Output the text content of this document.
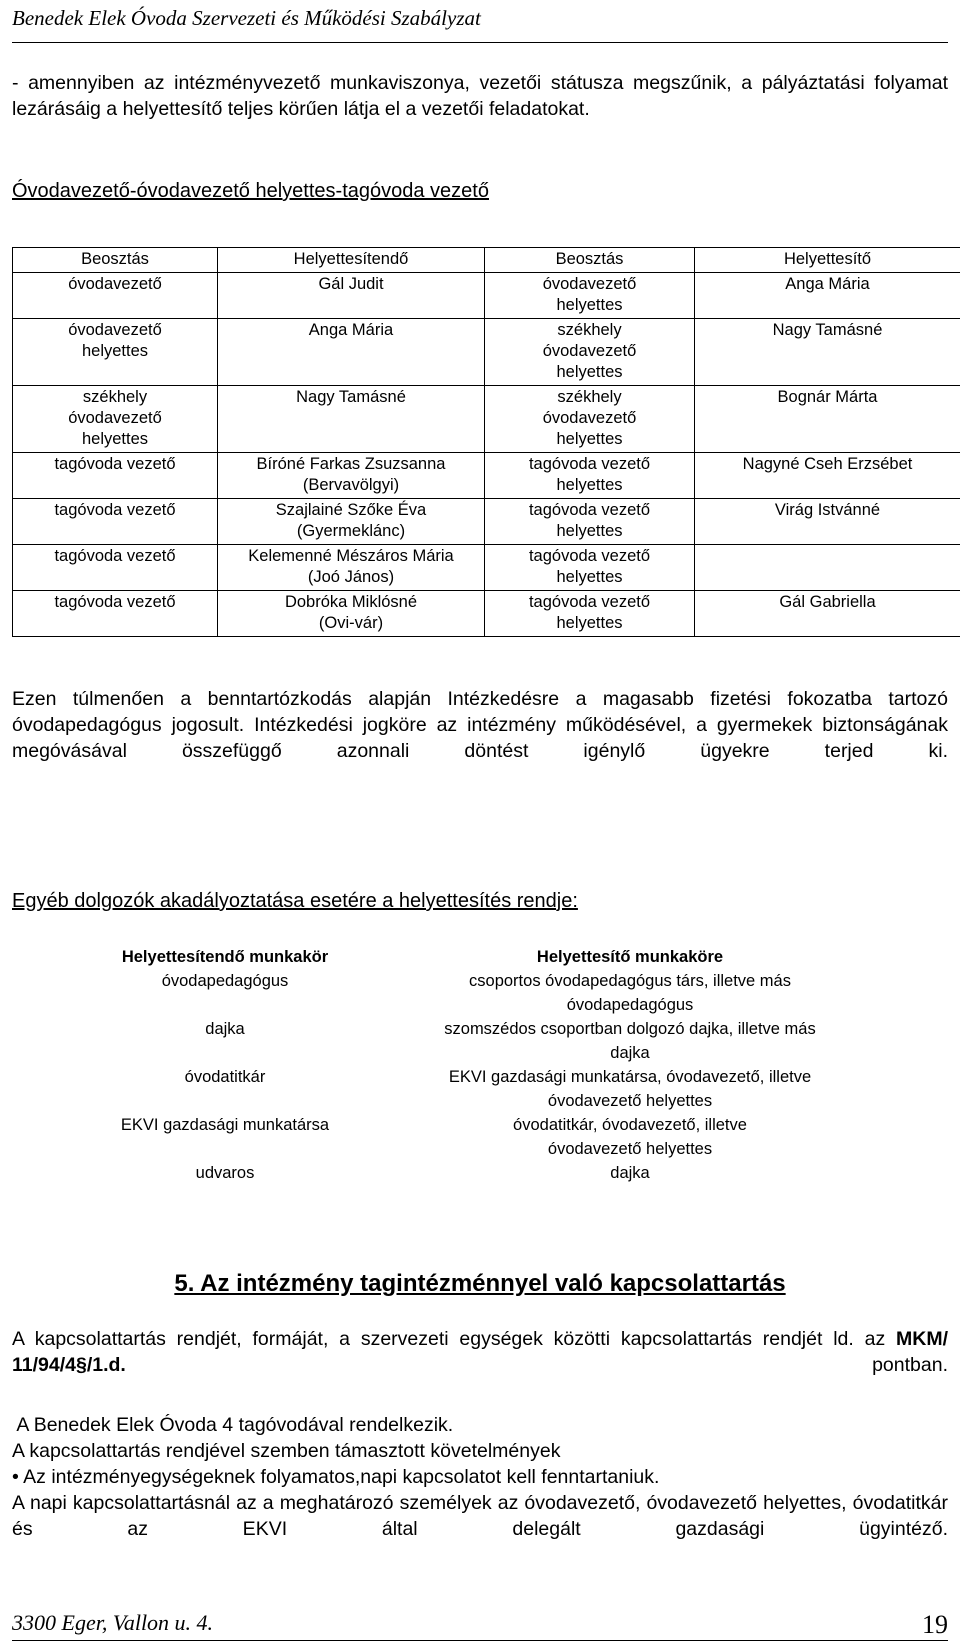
Benedek Elek Óvoda Szervezeti és Működési Szabályzat
- amennyiben az intézményvezető munkaviszonya, vezetői státusza megszűnik, a pályáztatási folyamat lezárásáig a helyettesítő teljes körűen látja el a vezetői feladatokat.
Óvodavezető-óvodavezető helyettes-tagóvoda vezető
Beosztás	Helyettesítendő	Beosztás	Helyettesítő
óvodavezető	Gál Judit	óvodavezető helyettes	Anga Mária
óvodavezető helyettes	Anga Mária	székhely óvodavezető helyettes	Nagy Tamásné
székhely óvodavezető helyettes	Nagy Tamásné	székhely óvodavezető helyettes	Bognár Márta
tagóvoda vezető	Bíróné Farkas Zsuzsanna (Bervavölgyi)	tagóvoda vezető helyettes	Nagyné Cseh Erzsébet
tagóvoda vezető	Szajlainé Szőke Éva (Gyermeklánc)	tagóvoda vezető helyettes	Virág Istvánné
tagóvoda vezető	Kelemenné Mészáros Mária (Joó János)	tagóvoda vezető helyettes	
tagóvoda vezető	Dobróka Miklósné (Ovi-vár)	tagóvoda vezető helyettes	Gál Gabriella
Ezen túlmenően a benntartózkodás alapján Intézkedésre a magasabb fizetési fokozatba tartozó óvodapedagógus jogosult. Intézkedési jogköre az intézmény működésével, a gyermekek biztonságának megóvásával összefüggő azonnali döntést igénylő ügyekre terjed ki.
Egyéb dolgozók akadályoztatása esetére a helyettesítés rendje:
Helyettesítendő munkakör	Helyettesítő munkaköre
óvodapedagógus	csoportos óvodapedagógus társ, illetve más óvodapedagógus
dajka	szomszédos csoportban dolgozó dajka, illetve más dajka
óvodatitkár	EKVI gazdasági munkatársa, óvodavezető, illetve óvodavezető helyettes
EKVI gazdasági munkatársa	óvodatitkár, óvodavezető, illetve óvodavezető helyettes
udvaros	dajka
5. Az intézmény tagintézménnyel való kapcsolattartás
A kapcsolattartás rendjét, formáját, a szervezeti egységek közötti kapcsolattartás rendjét ld. az MKM/ 11/94/4§/1.d. pontban.
A Benedek Elek Óvoda 4 tagóvodával rendelkezik.
A kapcsolattartás rendjével szemben támasztott követelmények
• Az intézményegységeknek folyamatos,napi kapcsolatot kell fenntartaniuk.
A napi kapcsolattartásnál az a meghatározó személyek az óvodavezető, óvodavezető helyettes, óvodatitkár és az EKVI által delegált gazdasági ügyintéző.
3300 Eger, Vallon u. 4.	19
